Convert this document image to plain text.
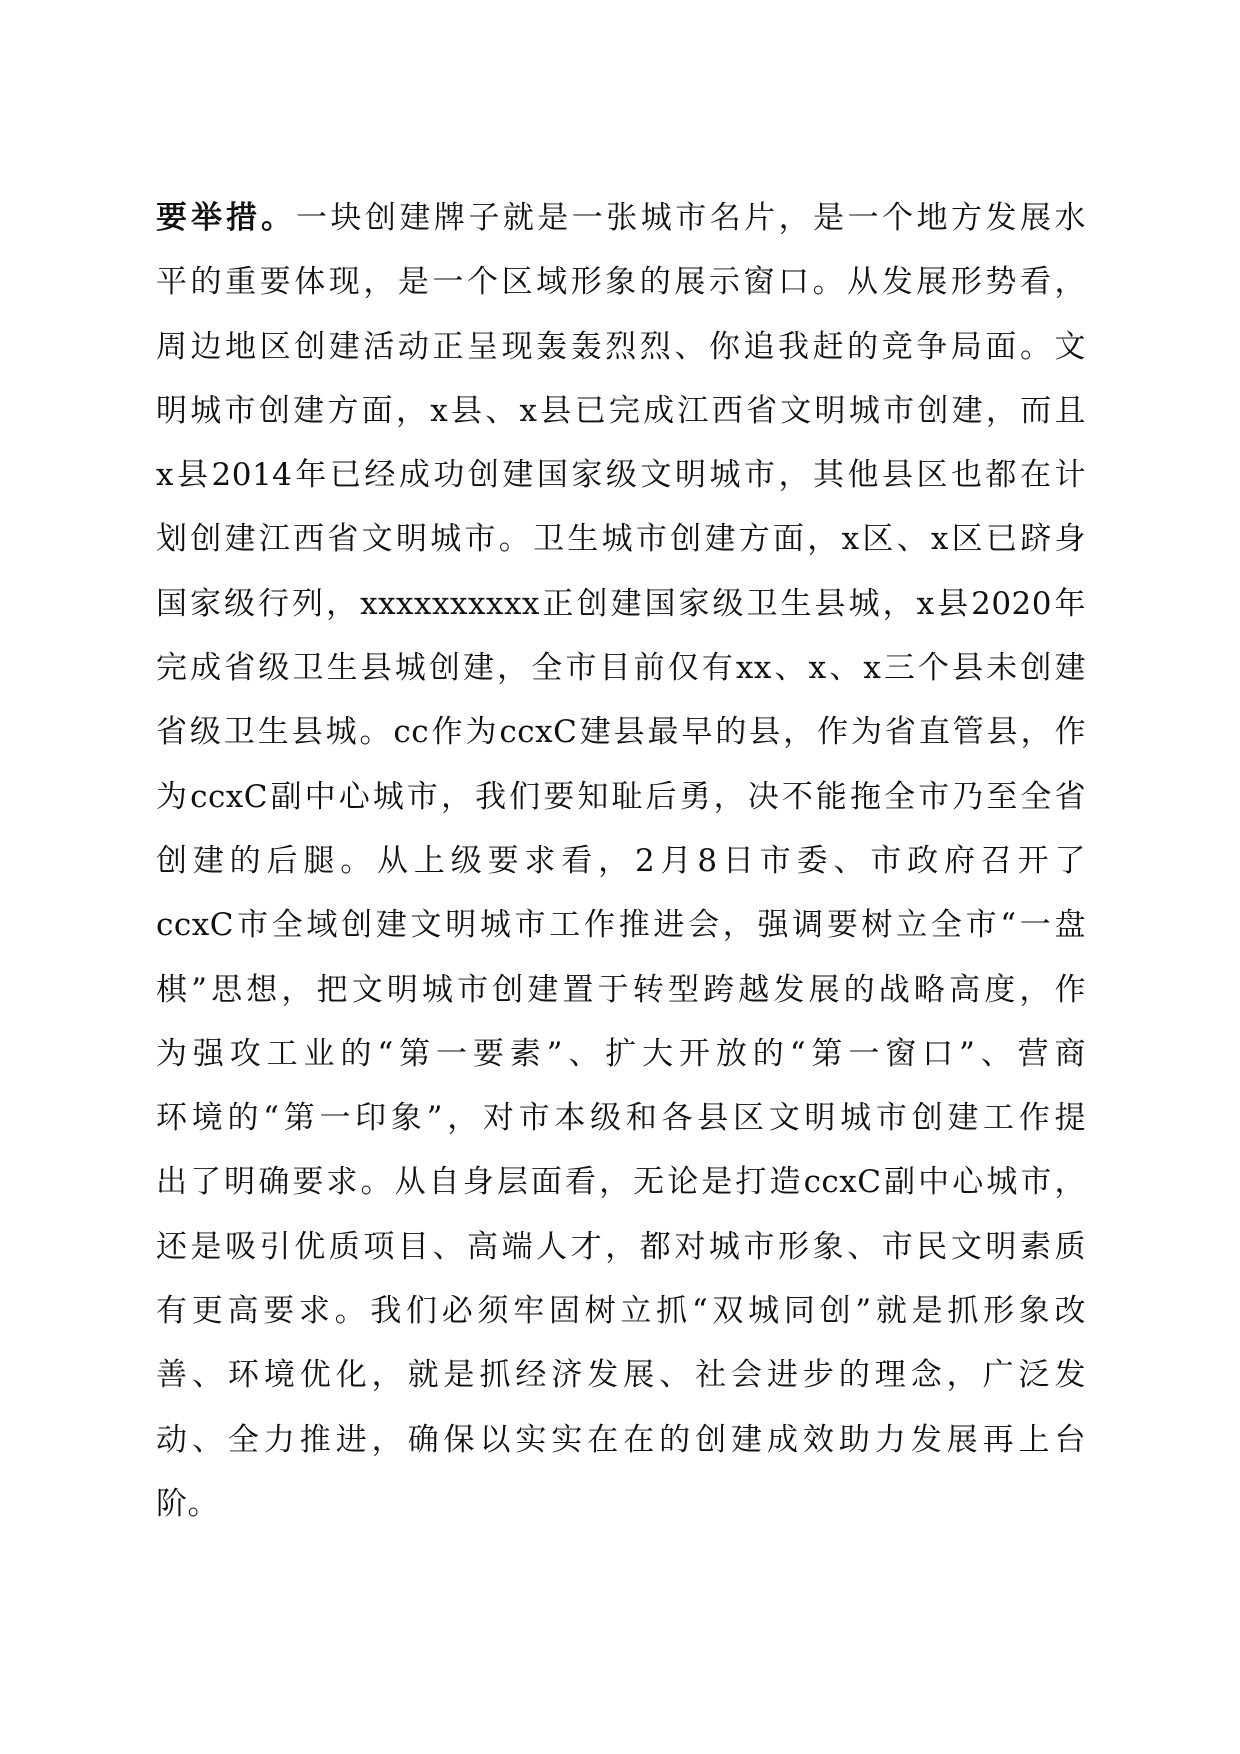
要举措。一块创建牌子就是一张城市名片，是一个地方发展水
平的重要体现，是一个区域形象的展示窗口。从发展形势看，
周边地区创建活动正呈现轰轰烈烈、你追我赶的竞争局面。文
明城市创建方面，x县、x县已完成江西省文明城市创建，而且
x县2014年已经成功创建国家级文明城市，其他县区也都在计
划创建江西省文明城市。卫生城市创建方面，x区、x区已跻身
国家级行列，xxxxxxxxxx正创建国家级卫生县城，x县2020年
完成省级卫生县城创建，全市目前仅有xx、x、x三个县未创建
省级卫生县城。cc作为ccxC建县最早的县，作为省直管县，作
为ccxC副中心城市，我们要知耻后勇，决不能拖全市乃至全省
创建的后腿。从上级要求看，2月8日市委、市政府召开了
ccxC市全域创建文明城市工作推进会，强调要树立全市“一盘
棋”思想，把文明城市创建置于转型跨越发展的战略高度，作
为强攻工业的“第一要素”、扩大开放的“第一窗口”、营商
环境的“第一印象”，对市本级和各县区文明城市创建工作提
出了明确要求。从自身层面看，无论是打造ccxC副中心城市，
还是吸引优质项目、高端人才，都对城市形象、市民文明素质
有更高要求。我们必须牢固树立抓“双城同创”就是抓形象改
善、环境优化，就是抓经济发展、社会进步的理念，广泛发
动、全力推进，确保以实实在在的创建成效助力发展再上台
阶。
